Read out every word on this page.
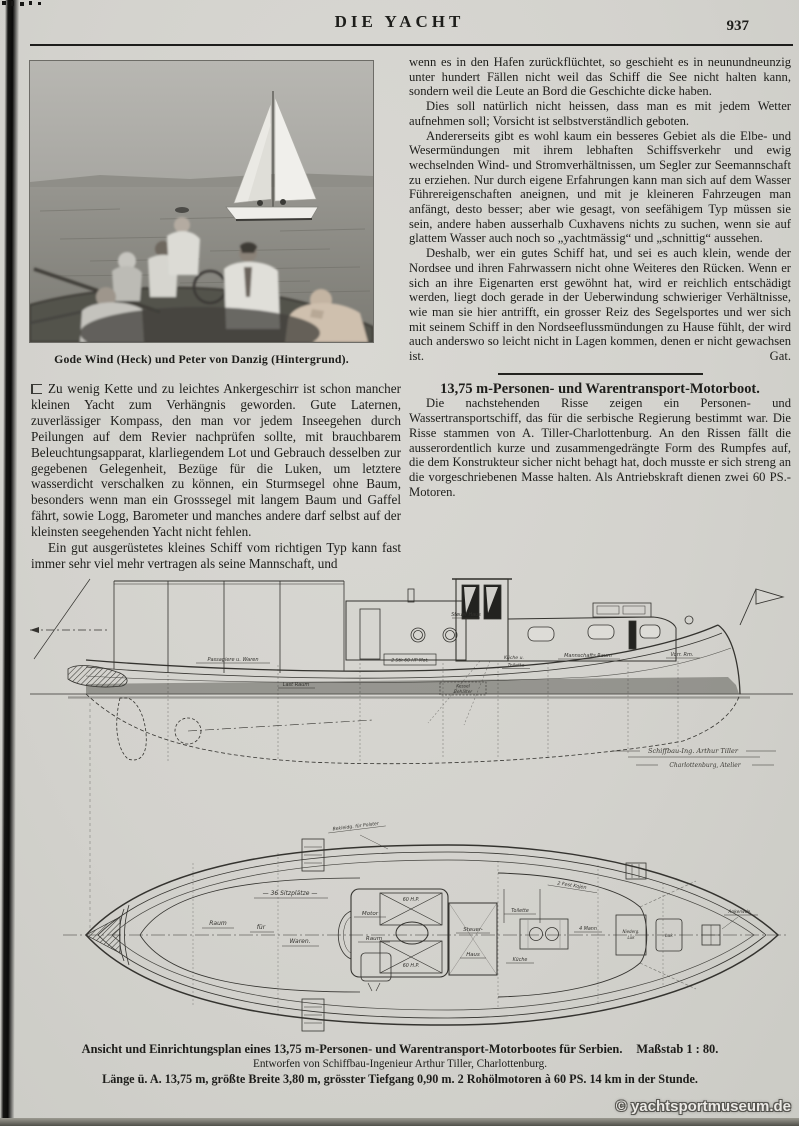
DIE YACHT	937
Gode Wind (Heck) und Peter von Danzig (Hintergrund).

Zu wenig Kette und zu leichtes Ankergeschirr ist schon mancher kleinen Yacht zum Verhängnis geworden. Gute Laternen, zuverlässiger Kompass, den man vor jedem Inseegehen durch Peilungen auf dem Revier nachprüfen sollte, mit brauchbarem Beleuchtungsapparat, klarliegendem Lot und Gebrauch desselben zur gegebenen Gelegenheit, Bezüge für die Luken, um letztere wasserdicht verschalken zu können, ein Sturmsegel ohne Baum, besonders wenn man ein Grosssegel mit langem Baum und Gaffel fährt, sowie Logg, Barometer und manches andere darf selbst auf der kleinsten seegehenden Yacht nicht fehlen.

Ein gut ausgerüstetes kleines Schiff vom richtigen Typ kann fast immer sehr viel mehr vertragen als seine Mannschaft, und

wenn es in den Hafen zurückflüchtet, so geschieht es in neunundneunzig unter hundert Fällen nicht weil das Schiff die See nicht halten kann, sondern weil die Leute an Bord die Geschichte dicke haben.

Dies soll natürlich nicht heissen, dass man es mit jedem Wetter aufnehmen soll; Vorsicht ist selbstverständlich geboten.

Andererseits gibt es wohl kaum ein besseres Gebiet als die Elbe- und Wesermündungen mit ihrem lebhaften Schiffsverkehr und ewig wechselnden Wind- und Stromverhältnissen, um Segler zur Seemannschaft zu erziehen. Nur durch eigene Erfahrungen kann man sich auf dem Wasser Führereigenschaften aneignen, und mit je kleineren Fahrzeugen man anfängt, desto besser; aber wie gesagt, von seefähigem Typ müssen sie sein, andere haben ausserhalb Cuxhavens nichts zu suchen, wenn sie auf glattem Wasser auch noch so „yachtmässig“ und „schnittig“ aussehen.

Deshalb, wer ein gutes Schiff hat, und sei es auch klein, wende der Nordsee und ihren Fahrwassern nicht ohne Weiteres den Rücken. Wenn er sich an ihre Eigenarten erst gewöhnt hat, wird er reichlich entschädigt werden, liegt doch gerade in der Ueberwindung schwieriger Verhältnisse, wie man sie hier antrifft, ein grosser Reiz des Segelsportes und wer sich mit seinem Schiff in den Nordseeflussmündungen zu Hause fühlt, der wird auch anderswo so leicht nicht in Lagen kommen, denen er nicht gewachsen ist.	Gat.

13,75 m-Personen- und Warentransport-Motorboot.

Die nachstehenden Risse zeigen ein Personen- und Wassertransportschiff, das für die serbische Regierung bestimmt war. Die Risse stammen von A. Tiller-Charlottenburg. An den Rissen fällt die ausserordentlich kurze und zusammengedrängte Form des Rumpfes auf, die dem Konstrukteur sicher nicht behagt hat, doch musste er sich streng an die vorgeschriebenen Masse halten. Als Antriebskraft dienen zwei 60 PS.-Motoren.

Steuer Haus
Passagiere u. Waren
Last Raum
2 Stk 60 HP Mot.
Kessel
Behälter
Küche u.
Toilette
Mannschafts Raum	Vorr. Rm.
Schiffbau-Ing. Arthur Tiller
Charlottenburg, Atelier
Bekleidg. für Polster
— 36 Sitzplätze —
Raum
für
Waren.
60 H.P.
60 H.P.
Motor
Raum
Steuer-
Haus
Toilette
Küche
4 Mann
2 Fest Kojen
Niederg.
Luk	Luk
Ankerwde.
Ansicht und Einrichtungsplan eines 13,75 m-Personen- und Warentransport-Motorbootes für Serbien. Maßstab 1 : 80.
Entworfen von Schiffbau-Ingenieur Arthur Tiller, Charlottenburg.
Länge ü. A. 13,75 m, größte Breite 3,80 m, grösster Tiefgang 0,90 m. 2 Rohölmotoren à 60 PS. 14 km in der Stunde.
© yachtsportmuseum.de
